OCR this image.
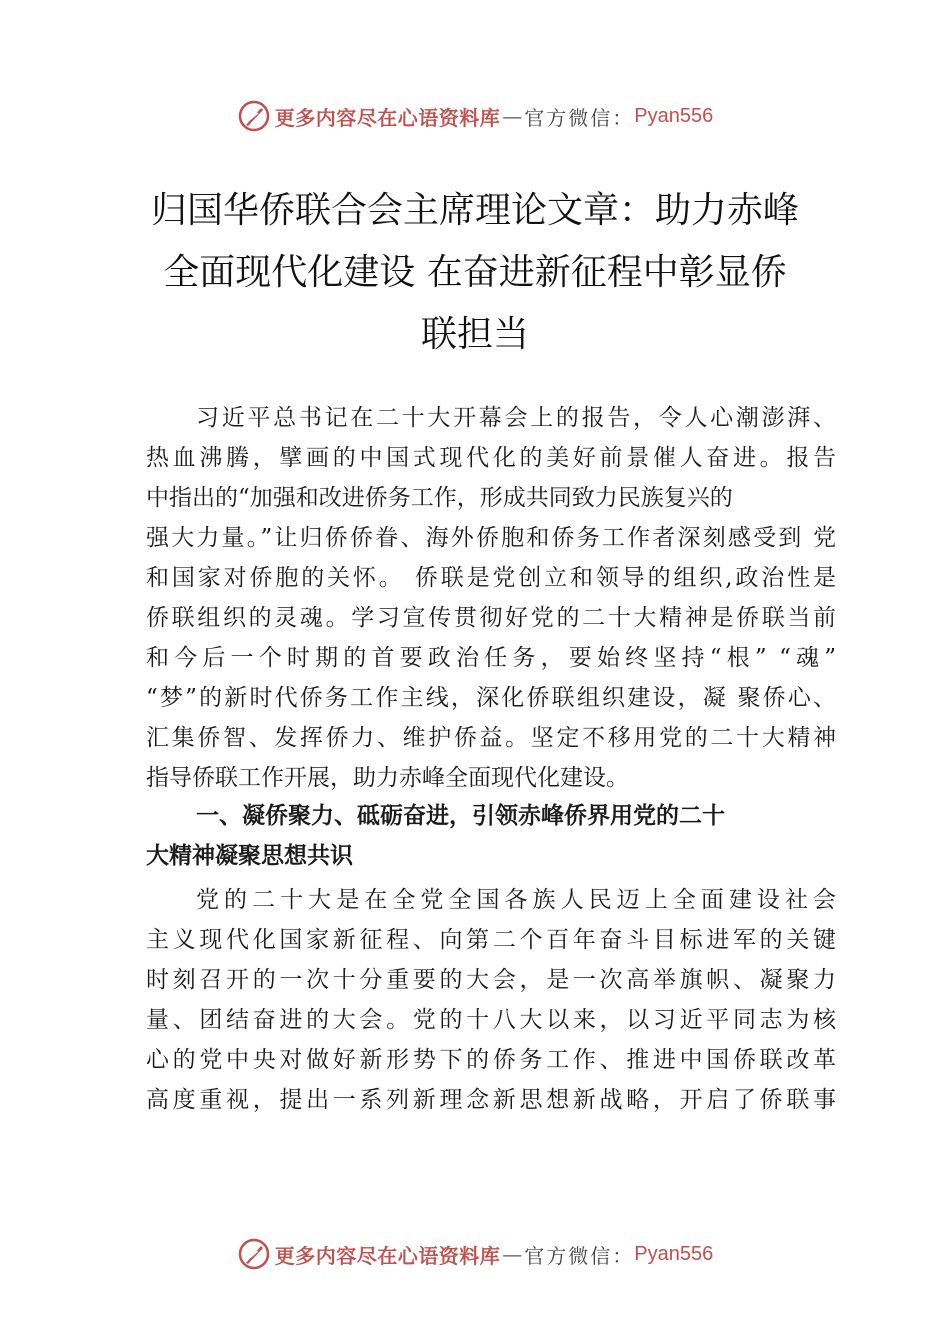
更多内容尽在心语资料库 — 官方微信： Pyan556
归国华侨联合会主席理论文章：助力赤峰
全面现代化建设 在奋进新征程中彰显侨
联担当
习近平总书记在二十大开幕会上的报告，令人心潮澎湃、
热血沸腾，擘画的中国式现代化的美好前景催人奋进。报告
中指出的“加强和改进侨务工作，形成共同致力民族复兴的
强大力量。”让归侨侨眷、海外侨胞和侨务工作者深刻感受到 党
和国家对侨胞的关怀。 侨联是党创立和领导的组织,政治性是
侨联组织的灵魂。学习宣传贯彻好党的二十大精神是侨联当前
和今后一个时期的首要政治任务，要始终坚持“根” “魂”
“梦”的新时代侨务工作主线，深化侨联组织建设，凝 聚侨心、
汇集侨智、发挥侨力、维护侨益。坚定不移用党的二十大精神
指导侨联工作开展，助力赤峰全面现代化建设。
一、凝侨聚力、砥砺奋进，引领赤峰侨界用党的二十
大精神凝聚思想共识
党的二十大是在全党全国各族人民迈上全面建设社会
主义现代化国家新征程、向第二个百年奋斗目标进军的关键
时刻召开的一次十分重要的大会，是一次高举旗帜、凝聚力
量、团结奋进的大会。党的十八大以来，以习近平同志为核
心的党中央对做好新形势下的侨务工作、推进中国侨联改革
高度重视，提出一系列新理念新思想新战略，开启了侨联事
更多内容尽在心语资料库 — 官方微信： Pyan556
